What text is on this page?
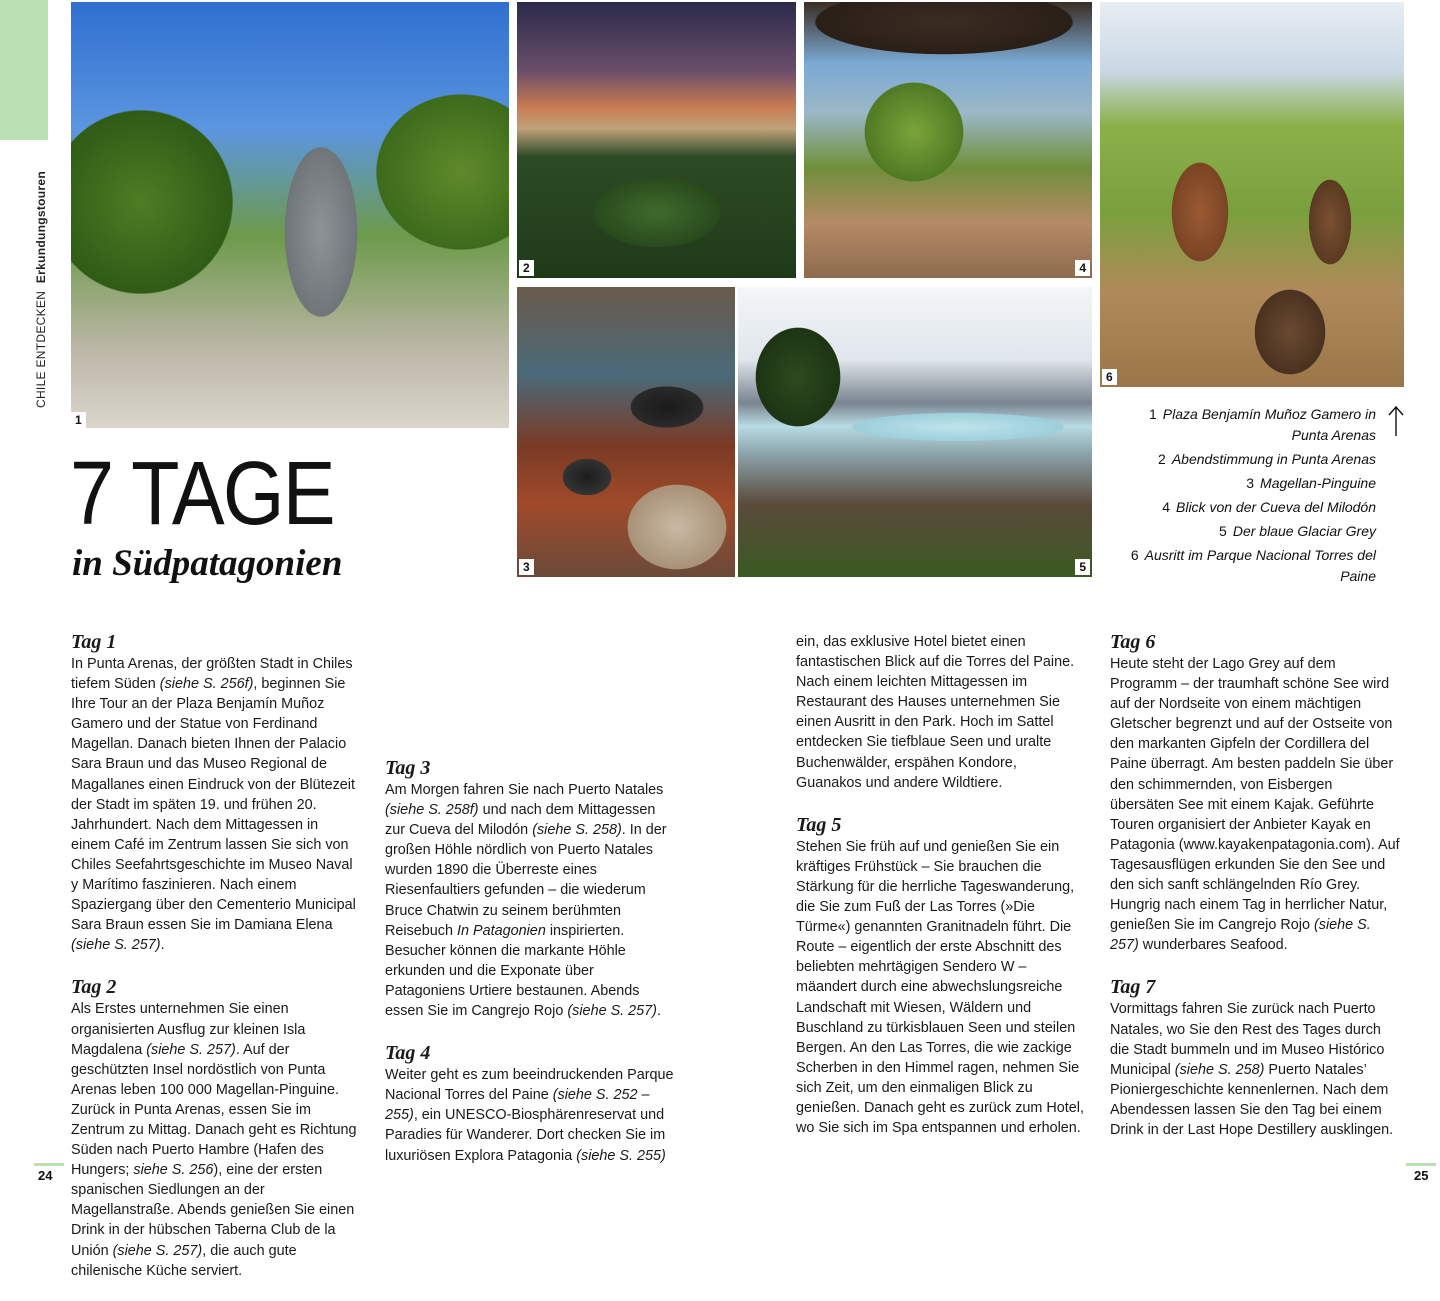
CHILE ENTDECKEN Erkundungstouren
1
2	4
6
3	5
7 TAGE
in Südpatagonien

1 Plaza Benjamín Muñoz Gamero in Punta Arenas

2 Abendstimmung in Punta Arenas

3 Magellan-Pinguine

4 Blick von der Cueva del Milodón

5 Der blaue Glaciar Grey

6 Ausritt im Parque Nacional Torres del Paine

Tag 1

In Punta Arenas, der größten Stadt in Chiles tiefem Süden (siehe S. 256f), beginnen Sie Ihre Tour an der Plaza Benjamín Muñoz Gamero und der Statue von Ferdinand Magellan. Danach bieten Ihnen der Palacio Sara Braun und das Museo Regional de Magallanes einen Eindruck von der Blütezeit der Stadt im späten 19. und frühen 20. Jahrhundert. Nach dem Mittagessen in einem Café im Zentrum lassen Sie sich von Chiles Seefahrtsgeschichte im Museo Naval y Marítimo faszinieren. Nach einem Spaziergang über den Cementerio Municipal Sara Braun essen Sie im Damiana Elena (siehe S. 257).

Tag 2

Als Erstes unternehmen Sie einen organisierten Ausflug zur kleinen Isla Magdalena (siehe S. 257). Auf der geschützten Insel nordöstlich von Punta Arenas leben 100 000 Magellan-Pinguine. Zurück in Punta Arenas, essen Sie im Zentrum zu Mittag. Danach geht es Richtung Süden nach Puerto Hambre (Hafen des Hungers; siehe S. 256), eine der ersten spanischen Siedlungen an der Magellanstraße. Abends genießen Sie einen Drink in der hübschen Taberna Club de la Unión (siehe S. 257), die auch gute chilenische Küche serviert.

Tag 3

Am Morgen fahren Sie nach Puerto Natales (siehe S. 258f) und nach dem Mittagessen zur Cueva del Milodón (siehe S. 258). In der großen Höhle nördlich von Puerto Natales wurden 1890 die Überreste eines Riesenfaultiers gefunden – die wiederum Bruce Chatwin zu seinem berühmten Reisebuch In Patagonien inspirierten. Besucher können die markante Höhle erkunden und die Exponate über Patagoniens Urtiere bestaunen. Abends essen Sie im Cangrejo Rojo (siehe S. 257).

Tag 4

Weiter geht es zum beeindruckenden Parque Nacional Torres del Paine (siehe S. 252 – 255), ein UNESCO-Biosphärenreservat und Paradies für Wanderer. Dort checken Sie im luxuriösen Explora Patagonia (siehe S. 255)

ein, das exklusive Hotel bietet einen fantastischen Blick auf die Torres del Paine. Nach einem leichten Mittagessen im Restaurant des Hauses unternehmen Sie einen Ausritt in den Park. Hoch im Sattel entdecken Sie tiefblaue Seen und uralte Buchenwälder, erspähen Kondore, Guanakos und andere Wildtiere.

Tag 5

Stehen Sie früh auf und genießen Sie ein kräftiges Frühstück – Sie brauchen die Stärkung für die herrliche Tageswanderung, die Sie zum Fuß der Las Torres (»Die Türme«) genannten Granitnadeln führt. Die Route – eigentlich der erste Abschnitt des beliebten mehrtägigen Sendero W – mäandert durch eine abwechslungsreiche Landschaft mit Wiesen, Wäldern und Buschland zu türkisblauen Seen und steilen Bergen. An den Las Torres, die wie zackige Scherben in den Himmel ragen, nehmen Sie sich Zeit, um den einmaligen Blick zu genießen. Danach geht es zurück zum Hotel, wo Sie sich im Spa entspannen und erholen.

Tag 6

Heute steht der Lago Grey auf dem Programm – der traumhaft schöne See wird auf der Nordseite von einem mächtigen Gletscher begrenzt und auf der Ostseite von den markanten Gipfeln der Cordillera del Paine überragt. Am besten paddeln Sie über den schimmernden, von Eisbergen übersäten See mit einem Kajak. Geführte Touren organisiert der Anbieter Kayak en Patagonia (www.kayakenpatagonia.com). Auf Tagesausflügen erkunden Sie den See und den sich sanft schlängelnden Río Grey. Hungrig nach einem Tag in herrlicher Natur, genießen Sie im Cangrejo Rojo (siehe S. 257) wunderbares Seafood.

Tag 7

Vormittags fahren Sie zurück nach Puerto Natales, wo Sie den Rest des Tages durch die Stadt bummeln und im Museo Histórico Municipal (siehe S. 258) Puerto Natales’ Pioniergeschichte kennenlernen. Nach dem Abendessen lassen Sie den Tag bei einem Drink in der Last Hope Destillery ausklingen.

24	25
